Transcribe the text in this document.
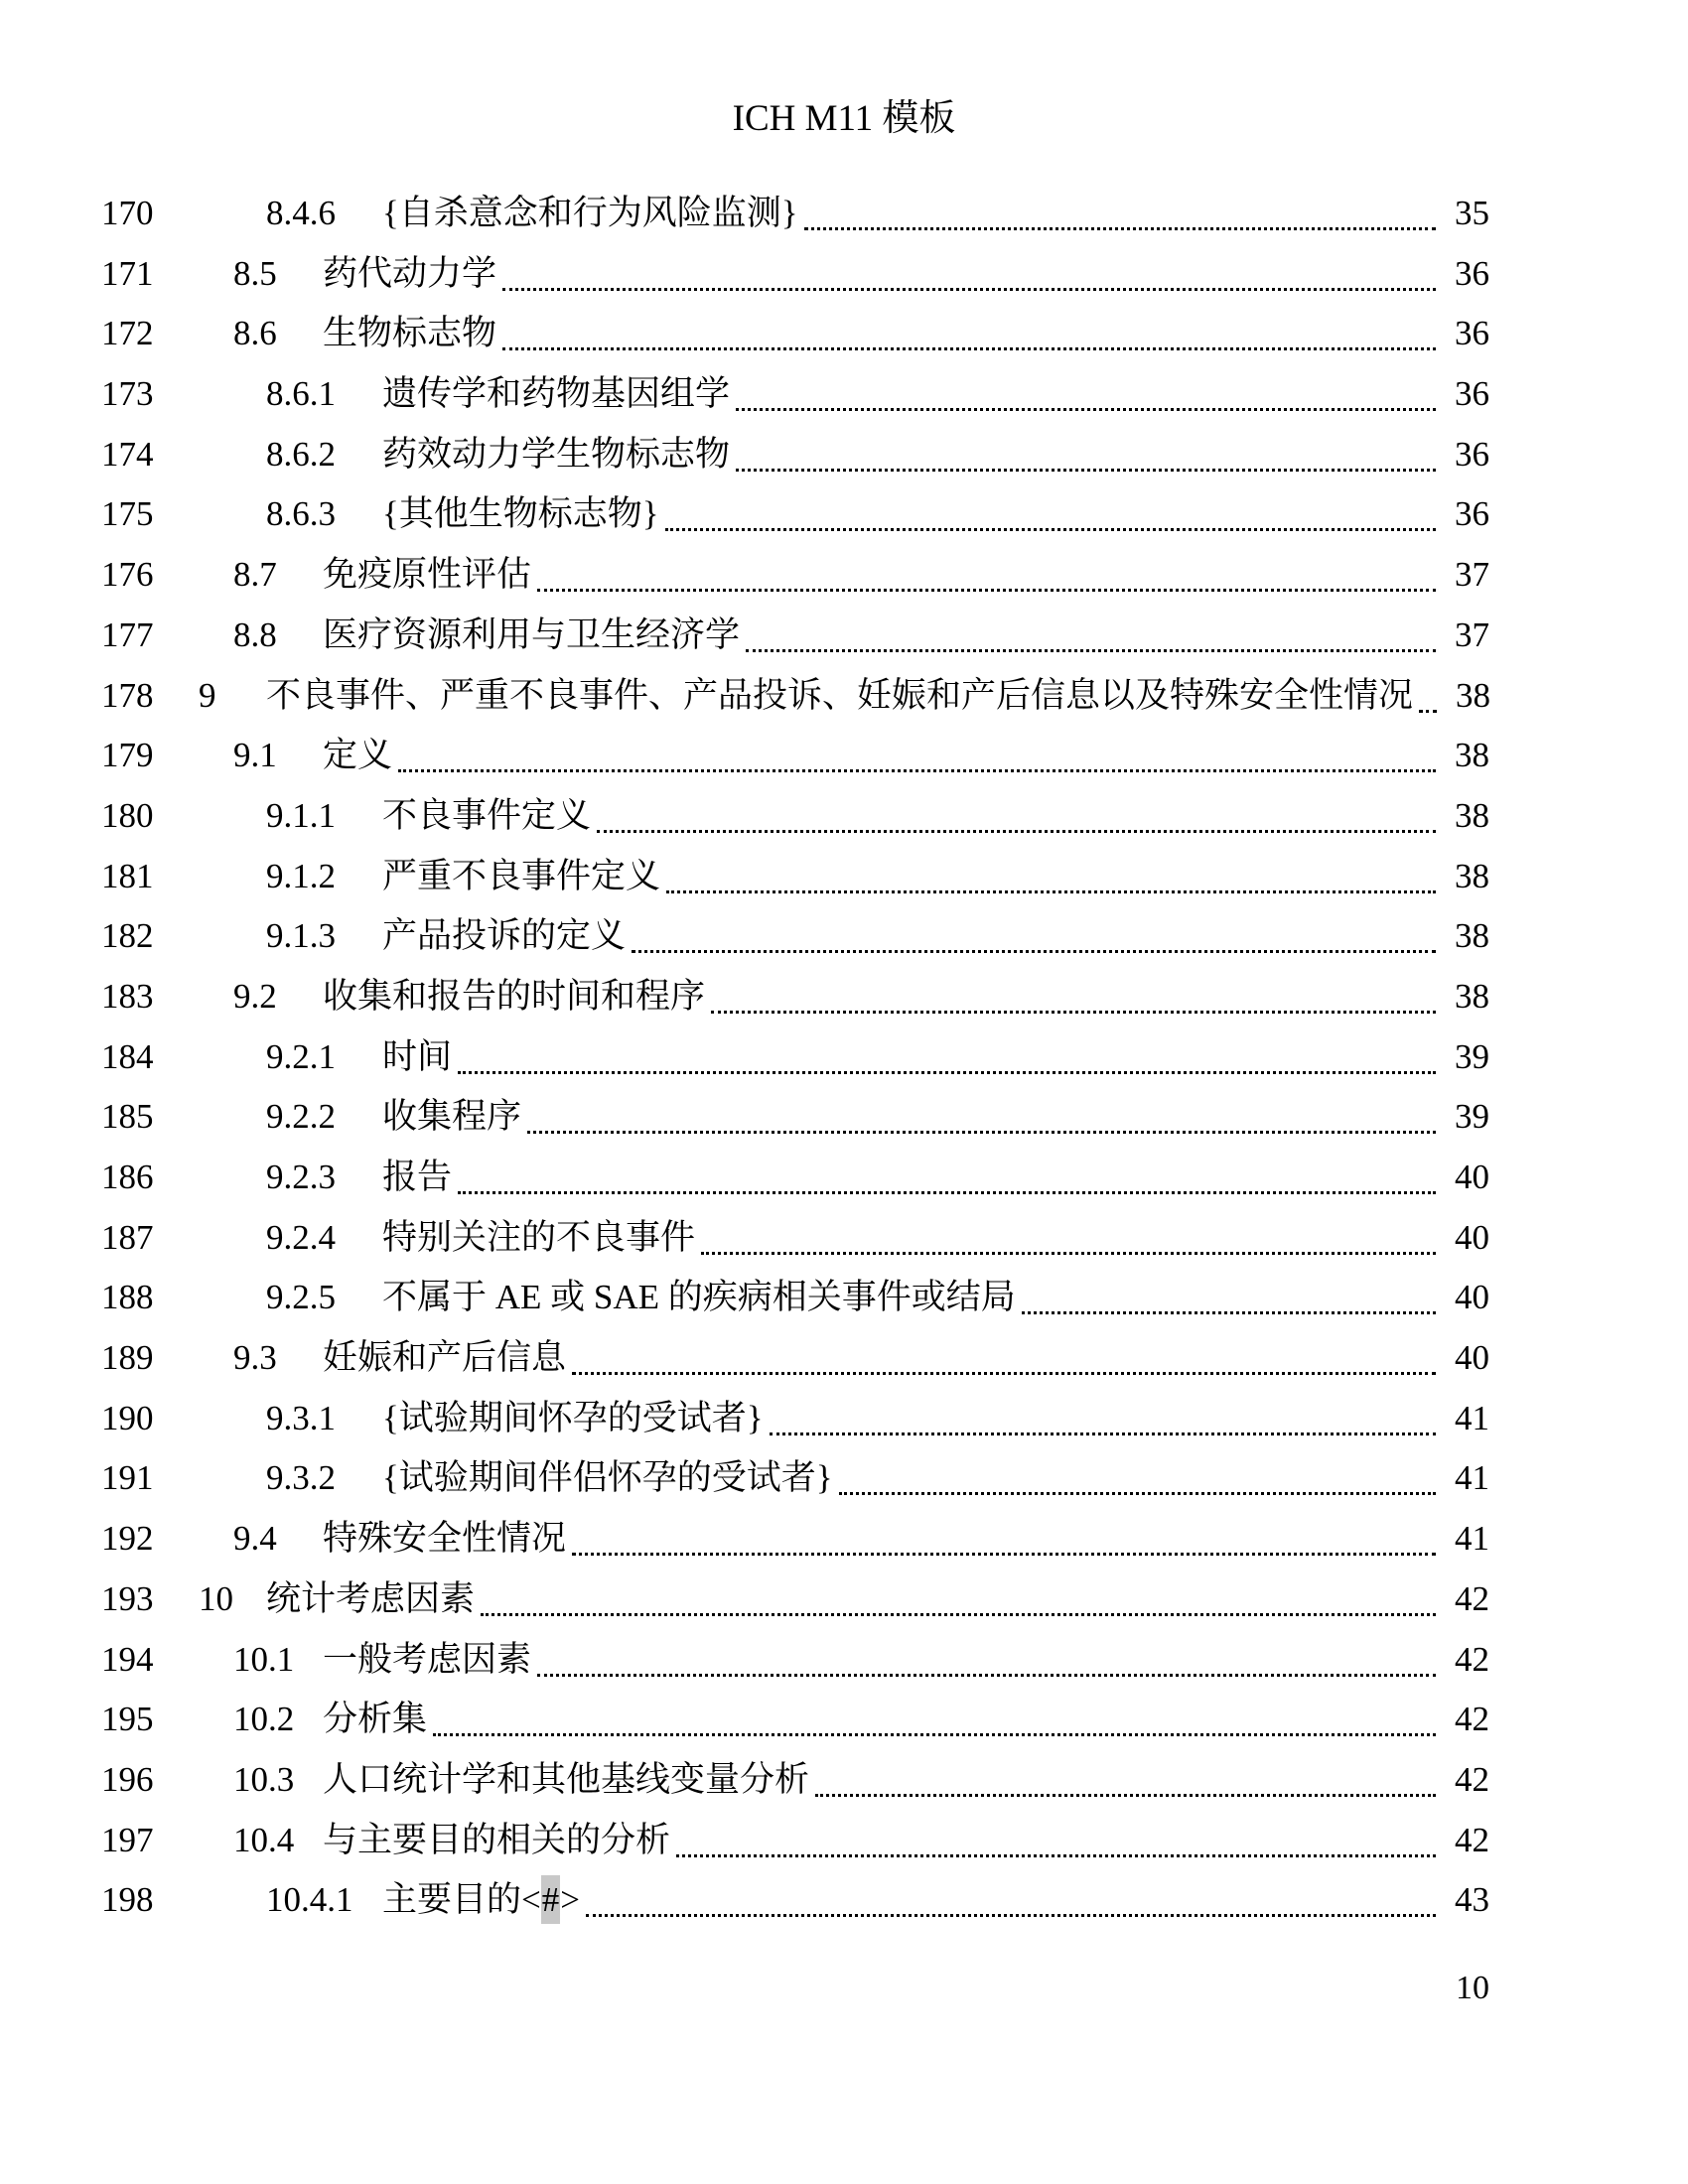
ICH M11 模板
170	8.4.6	{自杀意念和行为风险监测}	35
171	8.5	药代动力学	36
172	8.6	生物标志物	36
173	8.6.1	遗传学和药物基因组学	36
174	8.6.2	药效动力学生物标志物	36
175	8.6.3	{其他生物标志物}	36
176	8.7	免疫原性评估	37
177	8.8	医疗资源利用与卫生经济学	37
178	9	不良事件、严重不良事件、产品投诉、妊娠和产后信息以及特殊安全性情况	38
179	9.1	定义	38
180	9.1.1	不良事件定义	38
181	9.1.2	严重不良事件定义	38
182	9.1.3	产品投诉的定义	38
183	9.2	收集和报告的时间和程序	38
184	9.2.1	时间	39
185	9.2.2	收集程序	39
186	9.2.3	报告	40
187	9.2.4	特别关注的不良事件	40
188	9.2.5	不属于 AE 或 SAE 的疾病相关事件或结局	40
189	9.3	妊娠和产后信息	40
190	9.3.1	{试验期间怀孕的受试者}	41
191	9.3.2	{试验期间伴侣怀孕的受试者}	41
192	9.4	特殊安全性情况	41
193	10 统计考虑因素	42
194	10.1 一般考虑因素	42
195	10.2 分析集	42
196	10.3 人口统计学和其他基线变量分析	42
197	10.4 与主要目的相关的分析	42
198	10.4.1 主要目的<#>	43
10
